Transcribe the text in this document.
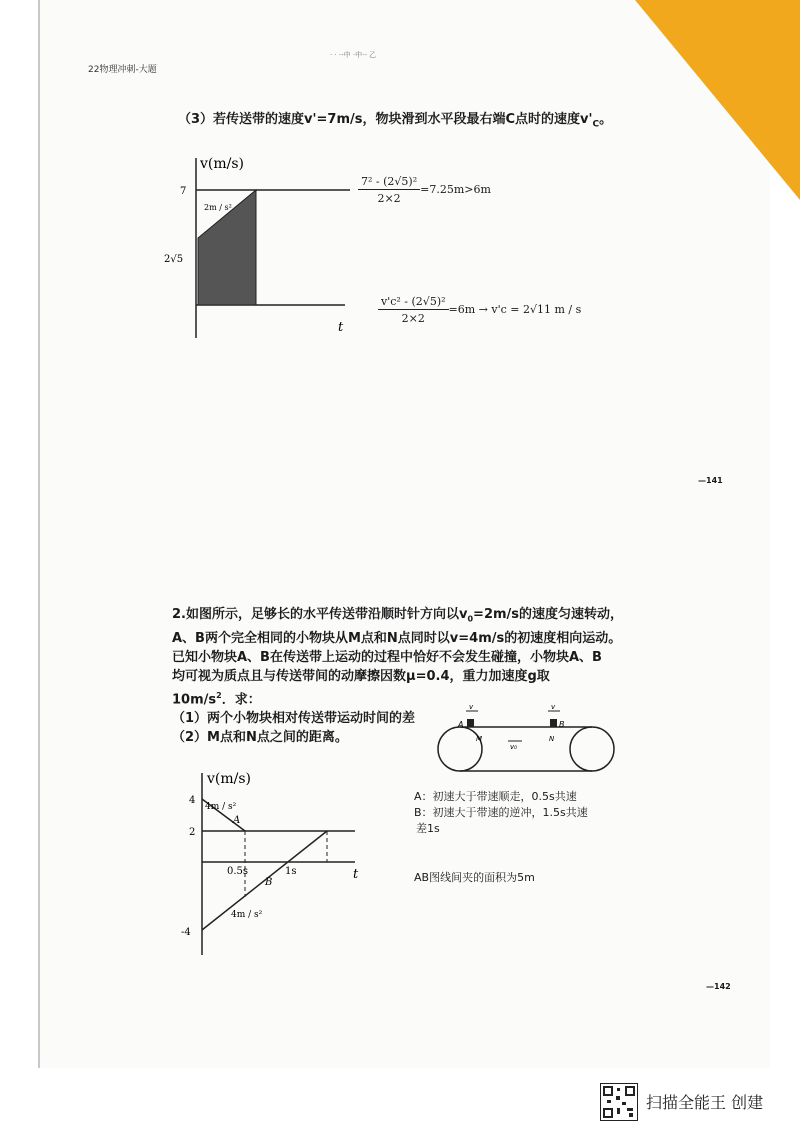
22物理冲刺-大题
· · ·-中 ·中·- 乙
（3）若传送带的速度v'=7m/s，物块滑到水平段最右端C点时的速度$v'_C$。
v(m/s)
t
7
2√5
2m / s²
$\frac{\text{7² - (2√5)²}}{2\times 2} =7.25m>6m$
$\frac{\text{v'c² - (2√5)²}}{2\times 2} =6m \to v'c = 2√11$ m / s
—141

2.如图所示，足够长的水平传送带沿顺时针方向以$v_0=2m/s$的速度匀速转动，

A、B两个完全相同的小物块从M点和N点同时以v=4m/s的初速度相向运动。

已知小物块A、B在传送带上运动的过程中恰好不会发生碰撞，小物块A、B

均可视为质点且与传送带间的动摩擦因数μ=0.4，重力加速度g取

$10m/s^2$．求：

（1）两个小物块相对传送带运动时间的差

（2）M点和N点之间的距离。

v	v
A	B
M	N
v₀
v(m/s)
t
4
2
-4
0.5s	1s
A
B
4m / s²
4m / s²
A：初速大于带速顺走，0.5s共速
B：初速大于带速的逆冲，1.5s共速
差1s
AB图线间夹的面积为5m
—142
扫描全能王 创建
